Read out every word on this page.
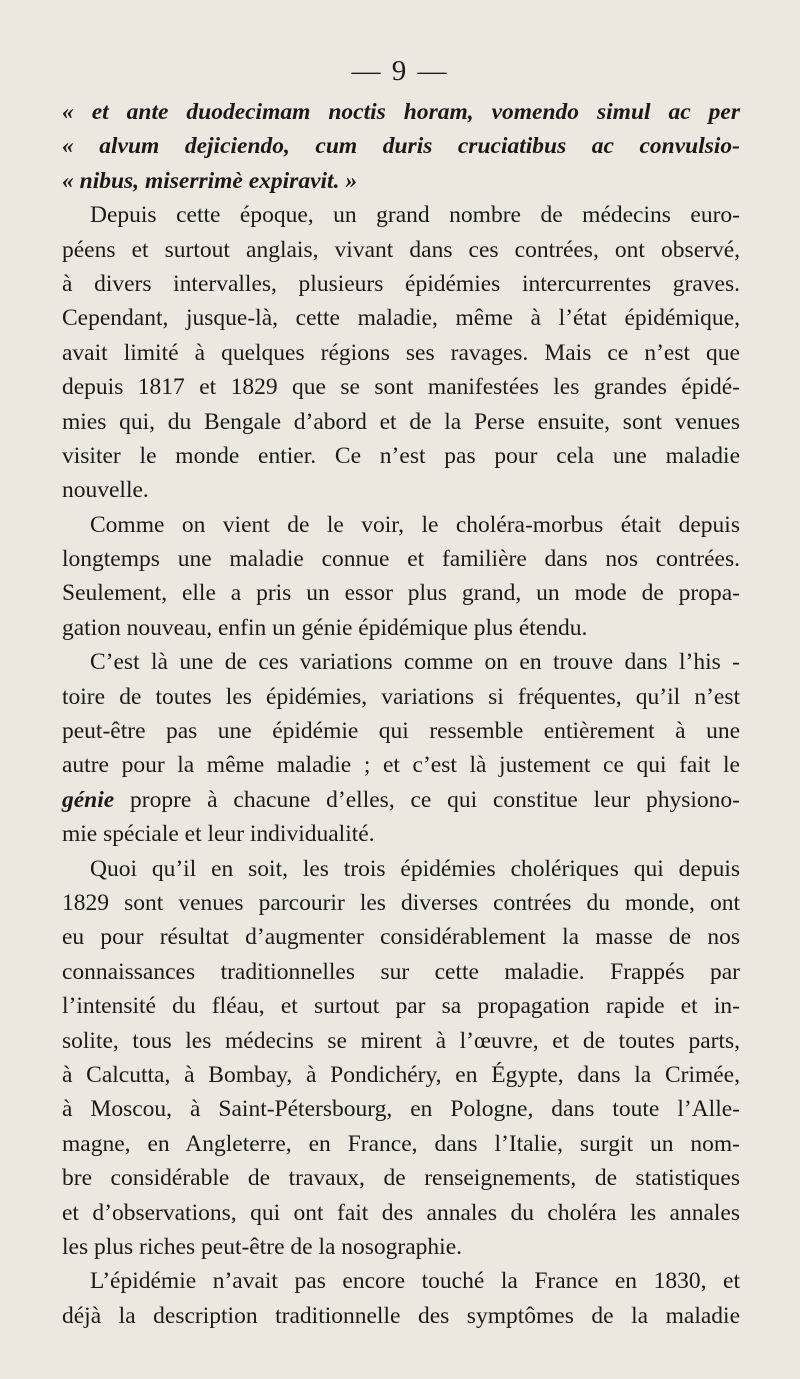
— 9 —
« et ante duodecimam noctis horam, vomendo simul ac per
« alvum dejiciendo, cum duris cruciatibus ac convulsio-
« nibus, miserrimè expiravit. »
Depuis cette époque, un grand nombre de médecins euro-
péens et surtout anglais, vivant dans ces contrées, ont observé,
à divers intervalles, plusieurs épidémies intercurrentes graves.
Cependant, jusque-là, cette maladie, même à l’état épidémique,
avait limité à quelques régions ses ravages. Mais ce n’est que
depuis 1817 et 1829 que se sont manifestées les grandes épidé-
mies qui, du Bengale d’abord et de la Perse ensuite, sont venues
visiter le monde entier. Ce n’est pas pour cela une maladie
nouvelle.
Comme on vient de le voir, le choléra-morbus était depuis
longtemps une maladie connue et familière dans nos contrées.
Seulement, elle a pris un essor plus grand, un mode de propa-
gation nouveau, enfin un génie épidémique plus étendu.
C’est là une de ces variations comme on en trouve dans l’his -
toire de toutes les épidémies, variations si fréquentes, qu’il n’est
peut-être pas une épidémie qui ressemble entièrement à une
autre pour la même maladie ; et c’est là justement ce qui fait le
génie propre à chacune d’elles, ce qui constitue leur physiono-
mie spéciale et leur individualité.
Quoi qu’il en soit, les trois épidémies cholériques qui depuis
1829 sont venues parcourir les diverses contrées du monde, ont
eu pour résultat d’augmenter considérablement la masse de nos
connaissances traditionnelles sur cette maladie. Frappés par
l’intensité du fléau, et surtout par sa propagation rapide et in-
solite, tous les médecins se mirent à l’œuvre, et de toutes parts,
à Calcutta, à Bombay, à Pondichéry, en Égypte, dans la Crimée,
à Moscou, à Saint-Pétersbourg, en Pologne, dans toute l’Alle-
magne, en Angleterre, en France, dans l’Italie, surgit un nom-
bre considérable de travaux, de renseignements, de statistiques
et d’observations, qui ont fait des annales du choléra les annales
les plus riches peut-être de la nosographie.
L’épidémie n’avait pas encore touché la France en 1830, et
déjà la description traditionnelle des symptômes de la maladie
